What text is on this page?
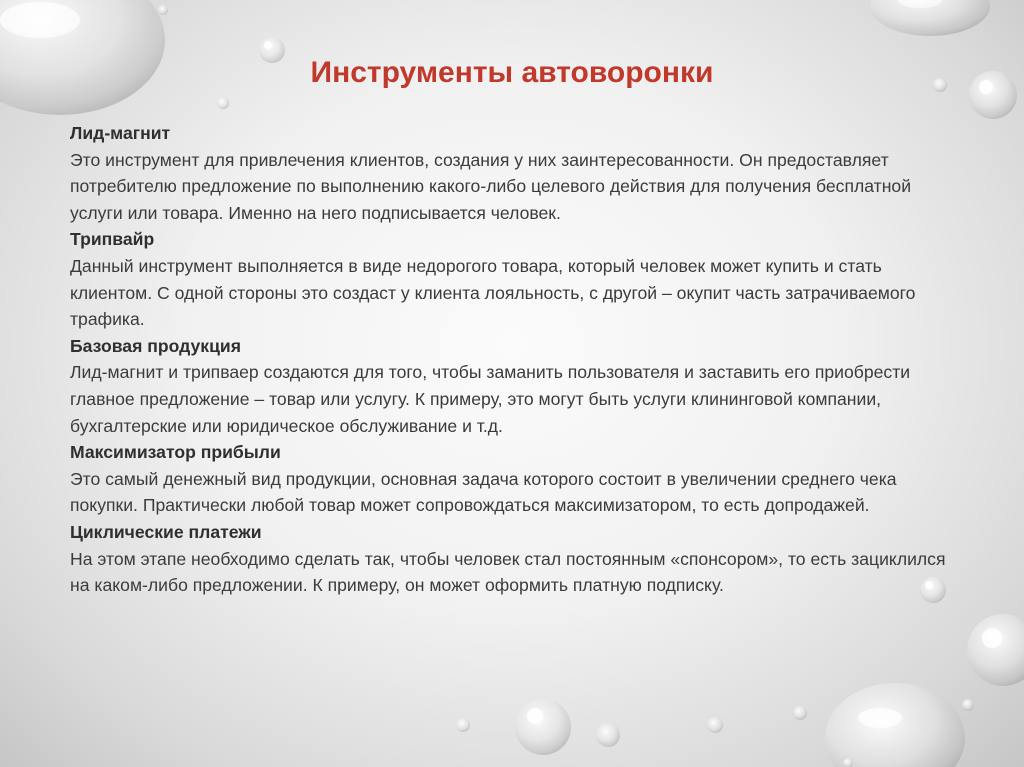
Инструменты автоворонки
Лид-магнит
Это инструмент для привлечения клиентов, создания у них заинтересованности. Он предоставляет потребителю предложение по выполнению какого-либо целевого действия для получения бесплатной услуги или товара. Именно на него подписывается человек.
Трипвайр
Данный инструмент выполняется в виде недорогого товара, который человек может купить и стать клиентом. С одной стороны это создаст у клиента лояльность, с другой – окупит часть затрачиваемого трафика.
Базовая продукция
Лид-магнит и трипваер создаются для того, чтобы заманить пользователя и заставить его приобрести главное предложение – товар или услугу. К примеру, это могут быть услуги клининговой компании, бухгалтерские или юридическое обслуживание и т.д.
Максимизатор прибыли
Это самый денежный вид продукции, основная задача которого состоит в увеличении среднего чека покупки. Практически любой товар может сопровождаться максимизатором, то есть допродажей.
Циклические платежи
На этом этапе необходимо сделать так, чтобы человек стал постоянным «спонсором», то есть зациклился на каком-либо предложении. К примеру, он может оформить платную подписку.
